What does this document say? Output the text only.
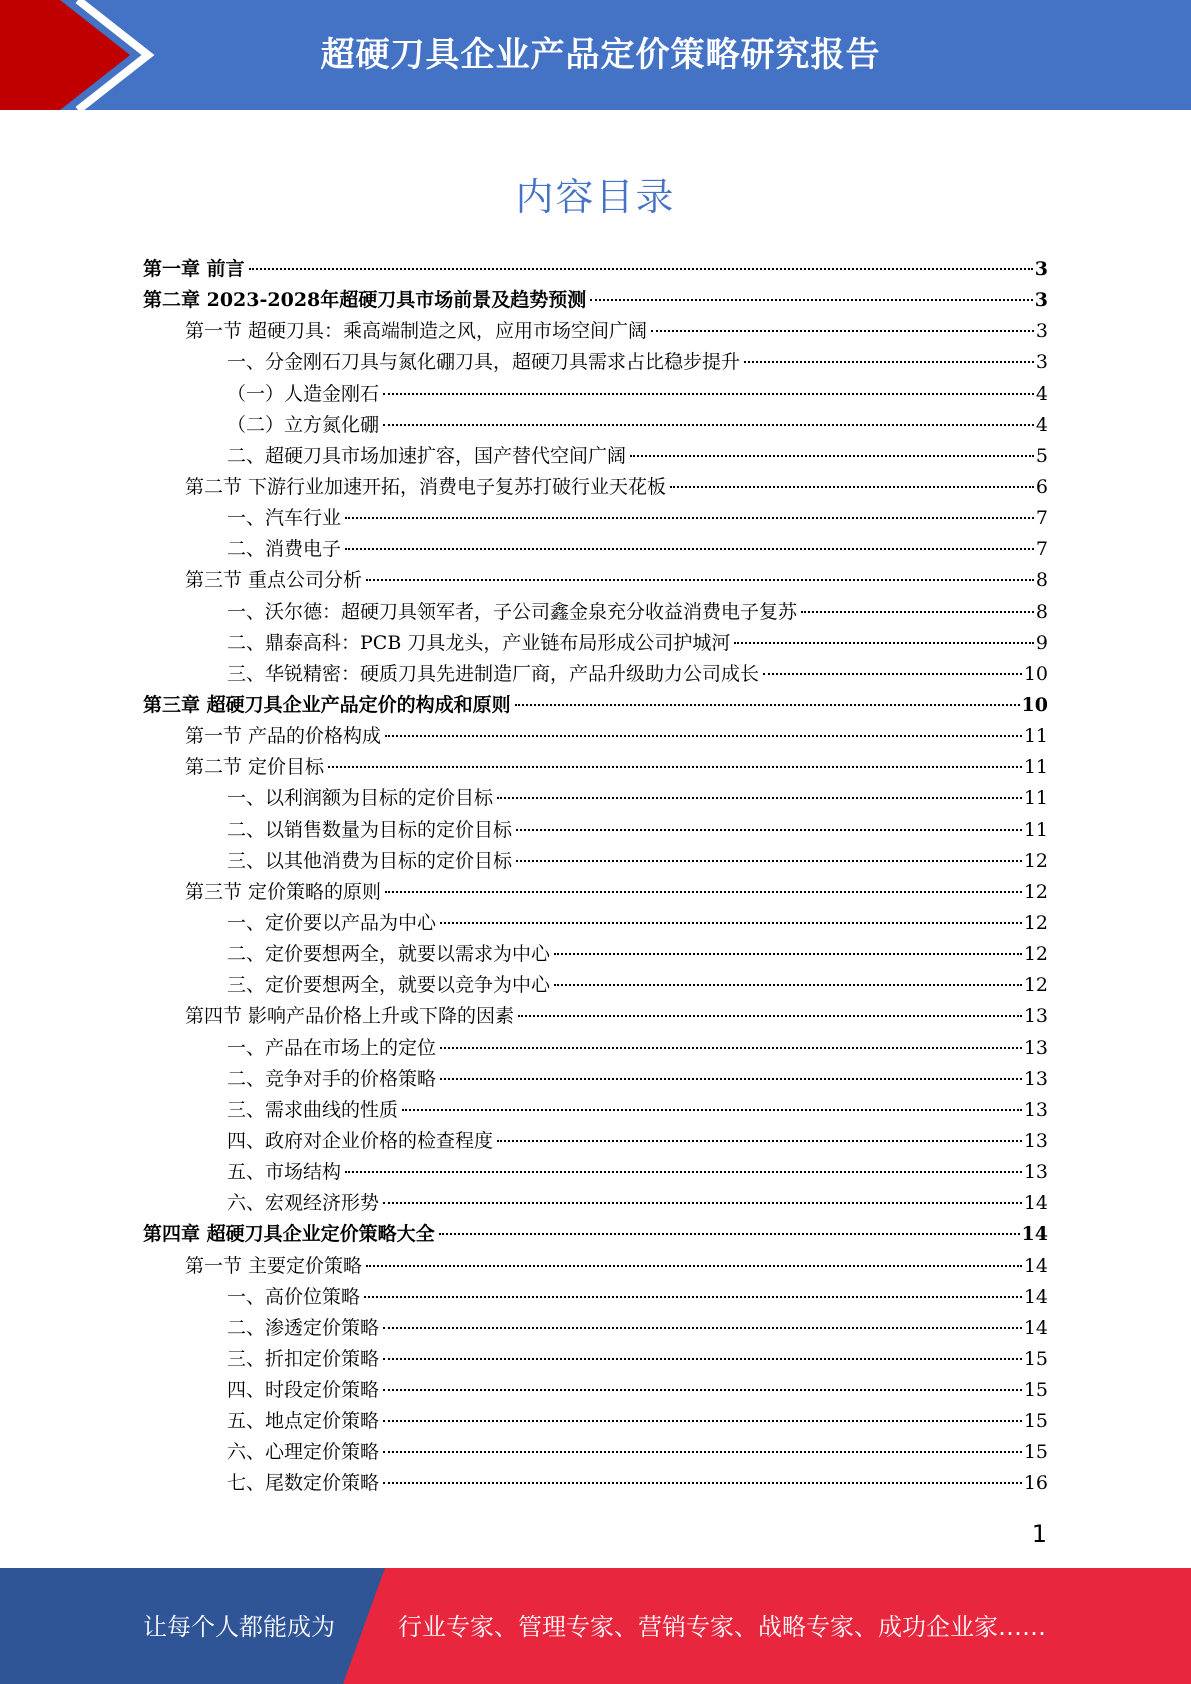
超硬刀具企业产品定价策略研究报告
内容目录
第一章 前言	3
第二章 2023-2028年超硬刀具市场前景及趋势预测	3
第一节 超硬刀具：乘高端制造之风，应用市场空间广阔	3
一、分金刚石刀具与氮化硼刀具，超硬刀具需求占比稳步提升	3
（一）人造金刚石	4
（二）立方氮化硼	4
二、超硬刀具市场加速扩容，国产替代空间广阔	5
第二节 下游行业加速开拓，消费电子复苏打破行业天花板	6
一、汽车行业	7
二、消费电子	7
第三节 重点公司分析	8
一、沃尔德：超硬刀具领军者，子公司鑫金泉充分收益消费电子复苏	8
二、鼎泰高科：PCB 刀具龙头，产业链布局形成公司护城河	9
三、华锐精密：硬质刀具先进制造厂商，产品升级助力公司成长	10
第三章 超硬刀具企业产品定价的构成和原则	10
第一节 产品的价格构成	11
第二节 定价目标	11
一、以利润额为目标的定价目标	11
二、以销售数量为目标的定价目标	11
三、以其他消费为目标的定价目标	12
第三节 定价策略的原则	12
一、定价要以产品为中心	12
二、定价要想两全，就要以需求为中心	12
三、定价要想两全，就要以竞争为中心	12
第四节 影响产品价格上升或下降的因素	13
一、产品在市场上的定位	13
二、竞争对手的价格策略	13
三、需求曲线的性质	13
四、政府对企业价格的检查程度	13
五、市场结构	13
六、宏观经济形势	14
第四章 超硬刀具企业定价策略大全	14
第一节 主要定价策略	14
一、高价位策略	14
二、渗透定价策略	14
三、折扣定价策略	15
四、时段定价策略	15
五、地点定价策略	15
六、心理定价策略	15
七、尾数定价策略	16
1
让每个人都能成为	行业专家、管理专家、营销专家、战略专家、成功企业家……
